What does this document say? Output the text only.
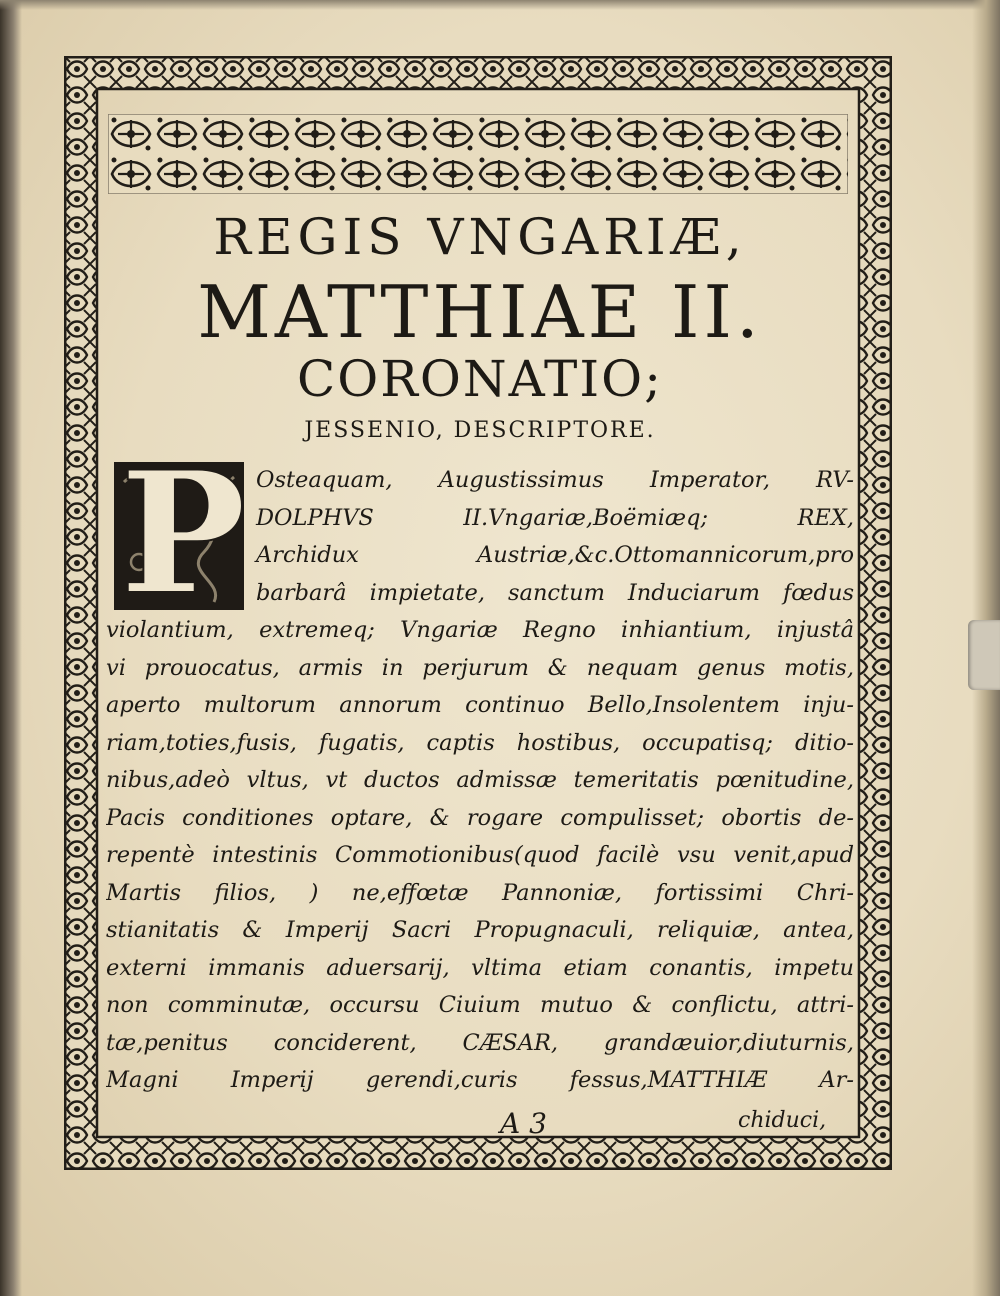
REGIS VNGARIÆ,
MATTHIAE II.
CORONATIO;
JESSENIO, DESCRIPTORE.
P Osteaquam, Augustissimus Imperator, RV-
DOLPHVS II.Vngariæ,Boëmiæq; REX,
Archidux Austriæ,&c.Ottomannicorum,pro
barbarâ impietate, sanctum Induciarum fœdus
violantium, extremeq; Vngariæ Regno inhiantium, injustâ
vi prouocatus, armis in perjurum & nequam genus motis,
aperto multorum annorum continuo Bello,Insolentem inju-
riam,toties,fusis, fugatis, captis hostibus, occupatisq; ditio-
nibus,adeò vltus, vt ductos admissæ temeritatis pœnitudine,
Pacis conditiones optare, & rogare compulisset; obortis de-
repentè intestinis Commotionibus(quod facilè vsu venit,apud
Martis filios, ) ne,effœtæ Pannoniæ, fortissimi Chri-
stianitatis & Imperij Sacri Propugnaculi, reliquiæ, antea,
externi immanis aduersarij, vltima etiam conantis, impetu
non comminutæ, occursu Ciuium mutuo & conflictu, attri-
tæ,penitus conciderent, CÆSAR, grandæuior,diuturnis,
Magni Imperij gerendi,curis fessus,MATTHIÆ Ar-
A 3	chiduci,
